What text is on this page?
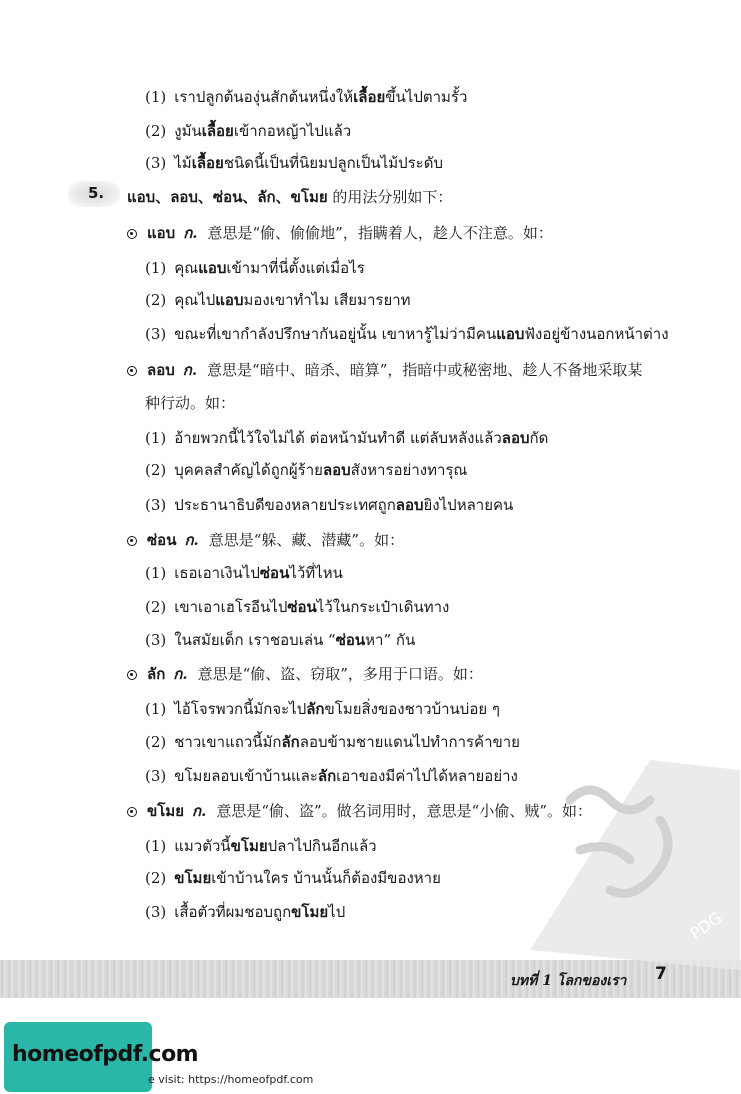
(1) เราปลูกต้นองุ่นสักต้นหนึ่งให้เลื้อยขึ้นไปตามรั้ว
(2) งูมันเลื้อยเข้ากอหญ้าไปแล้ว
(3) ไม้เลื้อยชนิดนี้เป็นที่นิยมปลูกเป็นไม้ประดับ
แอบ ก. 意思是“偷、偷偷地”，指瞒着人，趁人不注意。如：
(1) คุณแอบเข้ามาที่นี่ตั้งแต่เมื่อไร
(2) คุณไปแอบมองเขาทำไม เสียมารยาท
(3) ขณะที่เขากำลังปรึกษากันอยู่นั้น เขาหารู้ไม่ว่ามีคนแอบฟังอยู่ข้างนอกหน้าต่าง
ลอบ ก. 意思是“暗中、暗杀、暗算”，指暗中或秘密地、趁人不备地采取某
种行动。如：
(1) อ้ายพวกนี้ไว้ใจไม่ได้ ต่อหน้ามันทำดี แต่ลับหลังแล้วลอบกัด
(2) บุคคลสำคัญได้ถูกผู้ร้ายลอบสังหารอย่างทารุณ
(3) ประธานาธิบดีของหลายประเทศถูกลอบยิงไปหลายคน
ซ่อน ก. 意思是“躲、藏、潜藏”。如：
(1) เธอเอาเงินไปซ่อนไว้ที่ไหน
(2) เขาเอาเฮโรอีนไปซ่อนไว้ในกระเป๋าเดินทาง
(3) ในสมัยเด็ก เราชอบเล่น “ซ่อนหา” กัน
ลัก ก. 意思是“偷、盗、窃取”，多用于口语。如：
(1) ไอ้โจรพวกนี้มักจะไปลักขโมยสิ่งของชาวบ้านบ่อย ๆ
(2) ชาวเขาแถวนี้มักลักลอบข้ามชายแดนไปทำการค้าขาย
(3) ขโมยลอบเข้าบ้านและลักเอาของมีค่าไปได้หลายอย่าง
ขโมย ก. 意思是“偷、盗”。做名词用时，意思是“小偷、贼”。如：
(1) แมวตัวนี้ขโมยปลาไปกินอีกแล้ว
(2) ขโมยเข้าบ้านใคร บ้านนั้นก็ต้องมีของหาย
(3) เสื้อตัวที่ผมชอบถูกขโมยไป
5. แอบ、ลอบ、ซ่อน、ลัก、ขโมย 的用法分别如下：
บทที่ 1 โลกของเรา 7
PDG
homeofpdf.com
e visit: https://homeofpdf.com
